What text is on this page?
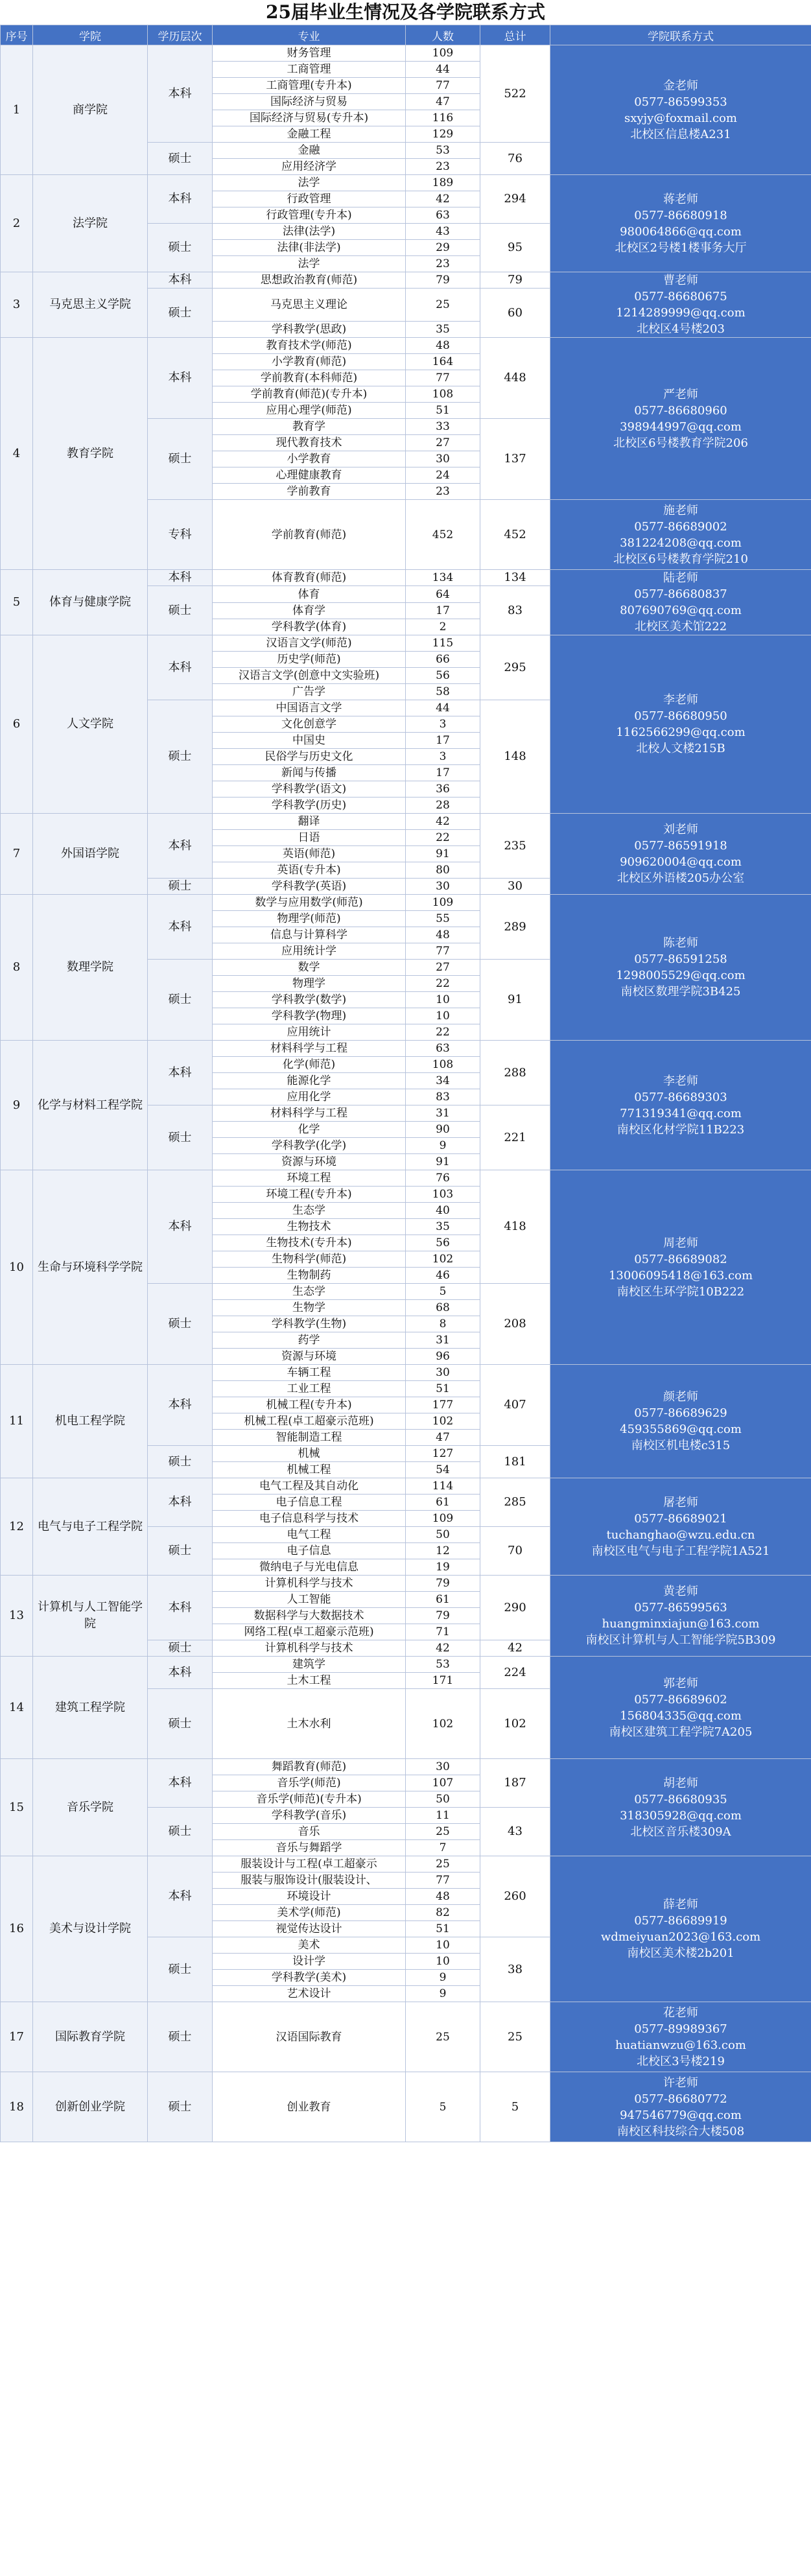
25届毕业生情况及各学院联系方式
序号	学院	学历层次	专业	人数	总计	学院联系方式
1	商学院	本科	财务管理	109	522	金老师
0577-86599353
sxyjy@foxmail.com
北校区信息楼A231

			工商管理	44		
			工商管理(专升本)	77		
			国际经济与贸易	47		
			国际经济与贸易(专升本)	116		
			金融工程	129		
		硕士	金融	53	76	
			应用经济学	23		
2	法学院	本科	法学	189	294	蒋老师
0577-86680918
980064866@qq.com
北校区2号楼1楼事务大厅

			行政管理	42		
			行政管理(专升本)	63		
		硕士	法律(法学)	43	95	
			法律(非法学)	29		
			法学	23		
3	马克思主义学院	本科	思想政治教育(师范)	79	79	曹老师
0577-86680675
1214289999@qq.com
北校区4号楼203

		硕士	马克思主义理论	25	60	
			学科教学(思政)	35		
4	教育学院	本科	教育技术学(师范)	48	448	严老师
0577-86680960
398944997@qq.com
北校区6号楼教育学院206

			小学教育(师范)	164		
			学前教育(本科师范)	77		
			学前教育(师范)(专升本)	108		
			应用心理学(师范)	51		
		硕士	教育学	33	137	
			现代教育技术	27		
			小学教育	30		
			心理健康教育	24		
			学前教育	23		
		专科	学前教育(师范)	452	452	施老师
0577-86689002
381224208@qq.com
北校区6号楼教育学院210

5	体育与健康学院	本科	体育教育(师范)	134	134	陆老师
0577-86680837
807690769@qq.com
北校区美术馆222

		硕士	体育	64	83	
			体育学	17		
			学科教学(体育)	2		
6	人文学院	本科	汉语言文学(师范)	115	295	李老师
0577-86680950
1162566299@qq.com
北校人文楼215B

			历史学(师范)	66		
			汉语言文学(创意中文实验班)	56		
			广告学	58		
		硕士	中国语言文学	44	148	
			文化创意学	3		
			中国史	17		
			民俗学与历史文化	3		
			新闻与传播	17		
			学科教学(语文)	36		
			学科教学(历史)	28		
7	外国语学院	本科	翻译	42	235	刘老师
0577-86591918
909620004@qq.com
北校区外语楼205办公室

			日语	22		
			英语(师范)	91		
			英语(专升本)	80		
		硕士	学科教学(英语)	30	30	
8	数理学院	本科	数学与应用数学(师范)	109	289	陈老师
0577-86591258
1298005529@qq.com
南校区数理学院3B425

			物理学(师范)	55		
			信息与计算科学	48		
			应用统计学	77		
		硕士	数学	27	91	
			物理学	22		
			学科教学(数学)	10		
			学科教学(物理)	10		
			应用统计	22		
9	化学与材料工程学院	本科	材料科学与工程	63	288	李老师
0577-86689303
771319341@qq.com
南校区化材学院11B223

			化学(师范)	108		
			能源化学	34		
			应用化学	83		
		硕士	材料科学与工程	31	221	
			化学	90		
			学科教学(化学)	9		
			资源与环境	91		
10	生命与环境科学学院	本科	环境工程	76	418	周老师
0577-86689082
1300609541​8@163.com
南校区生环学院10B222

			环境工程(专升本)	103		
			生态学	40		
			生物技术	35		
			生物技术(专升本)	56		
			生物科学(师范)	102		
			生物制药	46		
		硕士	生态学	5	208	
			生物学	68		
			学科教学(生物)	8		
			药学	31		
			资源与环境	96		
11	机电工程学院	本科	车辆工程	30	407	颜老师
0577-86689629
459355869@qq.com
南校区机电楼c315

			工业工程	51		
			机械工程(专升本)	177		
			机械工程(卓工超豪示范班)	102		
			智能制造工程	47		
		硕士	机械	127	181	
			机械工程	54		
12	电气与电子工程学院	本科	电气工程及其自动化	114	285	屠老师
0577-86689021
tuchanghao@wzu.edu.cn
南校区电气与电子工程学院1A521

			电子信息工程	61		
			电子信息科学与技术	109		
		硕士	电气工程	50	70	
			电子信息	12		
			微纳电子与光电信息	19		
13	计算机与人工智能学院	本科	计算机科学与技术	79	290	黄老师
0577-86599563
huangminxiajun@163.com
南校区计算机与人工智能学院5B309

			人工智能	61		
			数据科学与大数据技术	79		
			网络工程(卓工超豪示范班)	71		
		硕士	计算机科学与技术	42	42	
14	建筑工程学院	本科	建筑学	53	224	郭老师
0577-86689602
156804335@qq.com
南校区建筑工程学院7A205

			土木工程	171		
		硕士	土木水利	102	102	
15	音乐学院	本科	舞蹈教育(师范)	30	187	胡老师
0577-86680935
318305928@qq.com
北校区音乐楼309A

			音乐学(师范)	107		
			音乐学(师范)(专升本)	50		
		硕士	学科教学(音乐)	11	43	
			音乐	25		
			音乐与舞蹈学	7		
16	美术与设计学院	本科	服装设计与工程(卓工超豪示	25	260	薛老师
0577-86689919
wdmeiyuan2023@163.com
南校区美术楼2b201

			服装与服饰设计(服装设计、	77		
			环境设计	48		
			美术学(师范)	82		
			视觉传达设计	51		
		硕士	美术	10	38	
			设计学	10		
			学科教学(美术)	9		
			艺术设计	9		
17	国际教育学院	硕士	汉语国际教育	25	25	花老师
0577-89989367
huatianwzu@163.com
北校区3号楼219

18	创新创业学院	硕士	创业教育	5	5	许老师
0577-86680772
947546779@qq.com
南校区科技综合大楼508
